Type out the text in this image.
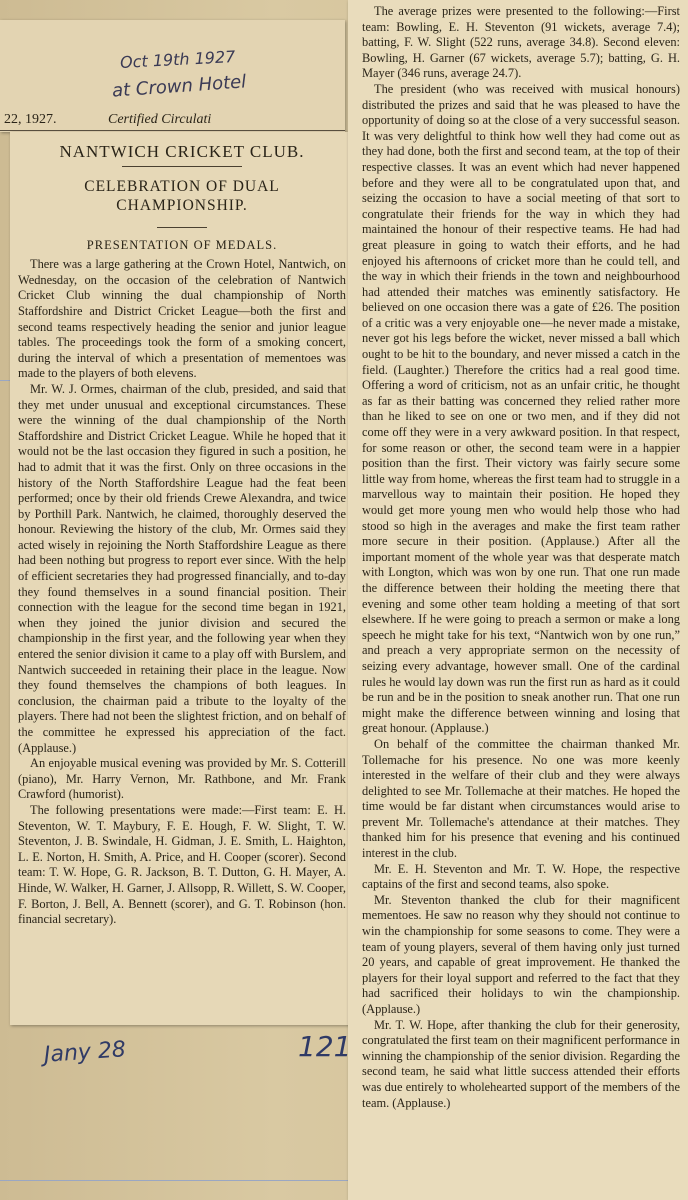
Oct 19th 1927
at Crown Hotel
22, 1927.	Certified Circulati
NANTWICH CRICKET CLUB.
CELEBRATION OF DUAL CHAMPIONSHIP.
PRESENTATION OF MEDALS.

There was a large gathering at the Crown Hotel, Nantwich, on Wednesday, on the occasion of the celebration of Nantwich Cricket Club winning the dual championship of North Staffordshire and District Cricket League—both the first and second teams respectively heading the senior and junior league tables. The proceedings took the form of a smoking concert, during the interval of which a presentation of mementoes was made to the players of both elevens.

Mr. W. J. Ormes, chairman of the club, presided, and said that they met under unusual and exceptional circumstances. These were the winning of the dual championship of the North Staffordshire and District Cricket League. While he hoped that it would not be the last occasion they figured in such a position, he had to admit that it was the first. Only on three occasions in the history of the North Staffordshire League had the feat been performed; once by their old friends Crewe Alexandra, and twice by Porthill Park. Nantwich, he claimed, thoroughly deserved the honour. Reviewing the history of the club, Mr. Ormes said they acted wisely in rejoining the North Staffordshire League as there had been nothing but progress to report ever since. With the help of efficient secretaries they had progressed financially, and to-day they found themselves in a sound financial position. Their connection with the league for the second time began in 1921, when they joined the junior division and secured the championship in the first year, and the following year when they entered the senior division it came to a play off with Burslem, and Nantwich succeeded in retaining their place in the league. Now they found themselves the champions of both leagues. In conclusion, the chairman paid a tribute to the loyalty of the players. There had not been the slightest friction, and on behalf of the committee he expressed his appreciation of the fact. (Applause.)

An enjoyable musical evening was provided by Mr. S. Cotterill (piano), Mr. Harry Vernon, Mr. Rathbone, and Mr. Frank Crawford (humorist).

The following presentations were made:—First team: E. H. Steventon, W. T. Maybury, F. E. Hough, F. W. Slight, T. W. Steventon, J. B. Swindale, H. Gidman, J. E. Smith, L. Haighton, L. E. Norton, H. Smith, A. Price, and H. Cooper (scorer). Second team: T. W. Hope, G. R. Jackson, B. T. Dutton, G. H. Mayer, A. Hinde, W. Walker, H. Garner, J. Allsopp, R. Willett, S. W. Cooper, F. Borton, J. Bell, A. Bennett (scorer), and G. T. Robinson (hon. financial secretary).

The average prizes were presented to the following:—First team: Bowling, E. H. Steventon (91 wickets, average 7.4); batting, F. W. Slight (522 runs, average 34.8). Second eleven: Bowling, H. Garner (67 wickets, average 5.7); batting, G. H. Mayer (346 runs, average 24.7).

The president (who was received with musical honours) distributed the prizes and said that he was pleased to have the opportunity of doing so at the close of a very successful season. It was very delightful to think how well they had come out as they had done, both the first and second team, at the top of their respective classes. It was an event which had never happened before and they were all to be congratulated upon that, and seizing the occasion to have a social meeting of that sort to congratulate their friends for the way in which they had maintained the honour of their respective teams. He had had great pleasure in going to watch their efforts, and he had enjoyed his afternoons of cricket more than he could tell, and the way in which their friends in the town and neighbourhood had attended their matches was eminently satisfactory. He believed on one occasion there was a gate of £26. The position of a critic was a very enjoyable one—he never made a mistake, never got his legs before the wicket, never missed a ball which ought to be hit to the boundary, and never missed a catch in the field. (Laughter.) Therefore the critics had a real good time. Offering a word of criticism, not as an unfair critic, he thought as far as their batting was concerned they relied rather more than he liked to see on one or two men, and if they did not come off they were in a very awkward position. In that respect, for some reason or other, the second team were in a happier position than the first. Their victory was fairly secure some little way from home, whereas the first team had to struggle in a marvellous way to maintain their position. He hoped they would get more young men who would help those who had stood so high in the averages and make the first team rather more secure in their position. (Applause.) After all the important moment of the whole year was that desperate match with Longton, which was won by one run. That one run made the difference between their holding the meeting there that evening and some other team holding a meeting of that sort elsewhere. If he were going to preach a sermon or make a long speech he might take for his text, “Nantwich won by one run,” and preach a very appropriate sermon on the necessity of seizing every advantage, however small. One of the cardinal rules he would lay down was run the first run as hard as it could be run and be in the position to sneak another run. That one run might make the difference between winning and losing that great honour. (Applause.)

On behalf of the committee the chairman thanked Mr. Tollemache for his presence. No one was more keenly interested in the welfare of their club and they were always delighted to see Mr. Tollemache at their matches. He hoped the time would be far distant when circumstances would arise to prevent Mr. Tollemache's attendance at their matches. They thanked him for his presence that evening and his continued interest in the club.

Mr. E. H. Steventon and Mr. T. W. Hope, the respective captains of the first and second teams, also spoke.

Mr. Steventon thanked the club for their magnificent mementoes. He saw no reason why they should not continue to win the championship for some seasons to come. They were a team of young players, several of them having only just turned 20 years, and capable of great improvement. He thanked the players for their loyal support and referred to the fact that they had sacrificed their holidays to win the championship. (Applause.)

Mr. T. W. Hope, after thanking the club for their generosity, congratulated the first team on their magnificent performance in winning the championship of the senior division. Regarding the second team, he said what little success attended their efforts was due entirely to wholehearted support of the members of the team. (Applause.)

Jany 28	121
